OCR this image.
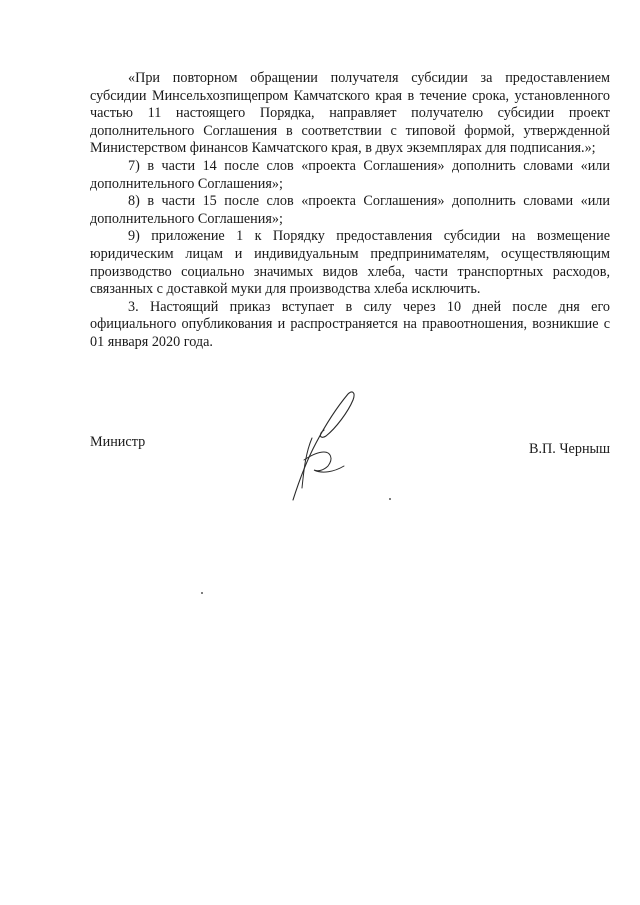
«При повторном обращении получателя субсидии за предоставлением субсидии Минсельхозпищепром Камчатского края в течение срока, установленного частью 11 настоящего Порядка, направляет получателю субсидии проект дополнительного Соглашения в соответствии с типовой формой, утвержденной Министерством финансов Камчатского края, в двух экземплярах для подписания.»;

7) в части 14 после слов «проекта Соглашения» дополнить словами «или дополнительного Соглашения»;

8) в части 15 после слов «проекта Соглашения» дополнить словами «или дополнительного Соглашения»;

9) приложение 1 к Порядку предоставления субсидии на возмещение юридическим лицам и индивидуальным предпринимателям, осуществляющим производство социально значимых видов хлеба, части транспортных расходов, связанных с доставкой муки для производства хлеба исключить.

3. Настоящий приказ вступает в силу через 10 дней после дня его официального опубликования и распространяется на правоотношения, возникшие с 01 января 2020 года.

Министр	В.П. Черныш
